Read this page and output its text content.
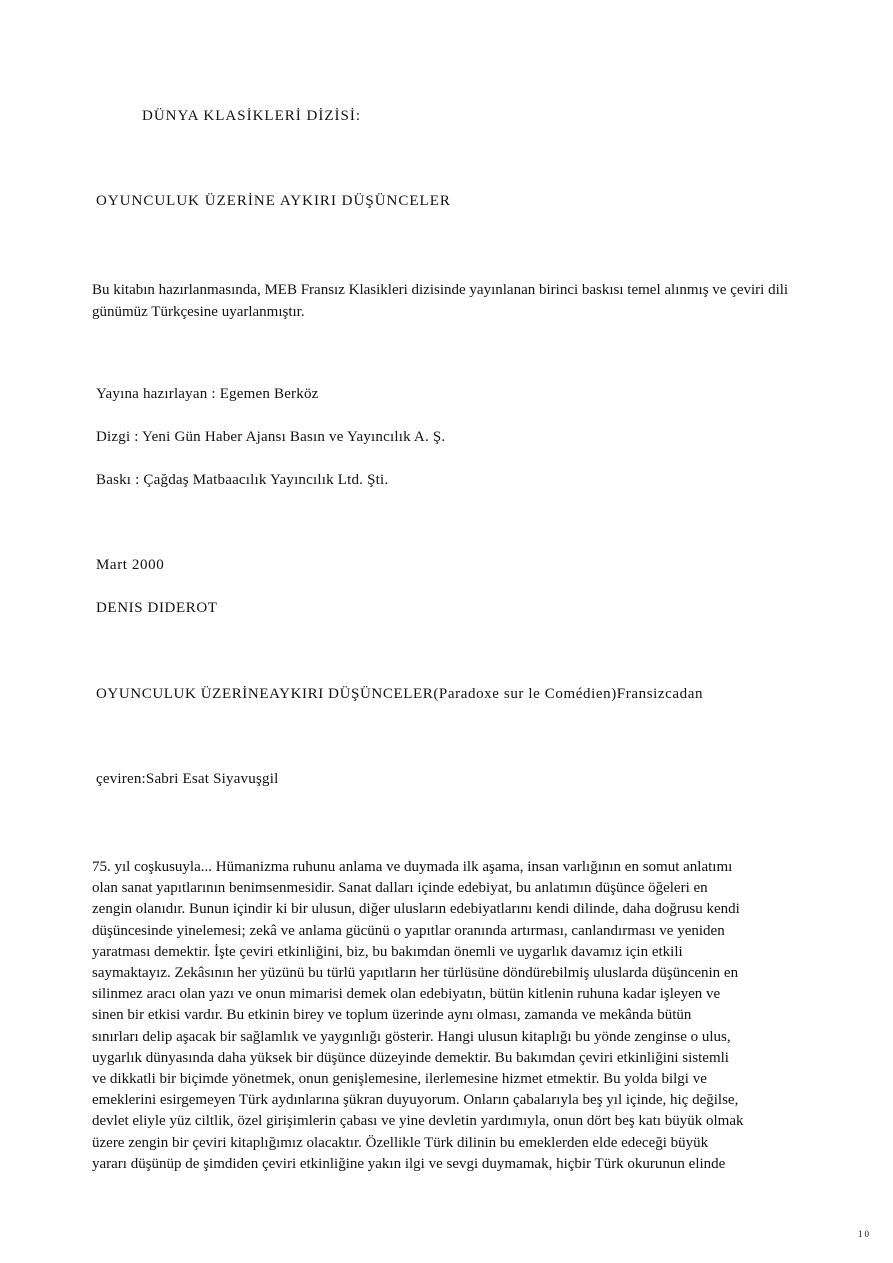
DÜNYA KLASİKLERİ DİZİSİ:
OYUNCULUK ÜZERİNE AYKIRI DÜŞÜNCELER
Bu kitabın hazırlanmasında, MEB Fransız Klasikleri dizisinde yayınlanan birinci baskısı temel alınmış ve çeviri dili günümüz Türkçesine uyarlanmıştır.
Yayına hazırlayan : Egemen Berköz
Dizgi : Yeni Gün Haber Ajansı Basın ve Yayıncılık A. Ş.
Baskı : Çağdaş Matbaacılık Yayıncılık Ltd. Şti.
Mart 2000
DENIS DIDEROT
OYUNCULUK ÜZERİNEAYKIRI DÜŞÜNCELER(Paradoxe sur le Comédien)Fransizcadan
çeviren:Sabri Esat Siyavuşgil
75. yıl coşkusuyla... Hümanizma ruhunu anlama ve duymada ilk aşama, insan varlığının en somut anlatımı
olan sanat yapıtlarının benimsenmesidir. Sanat dalları içinde edebiyat, bu anlatımın düşünce öğeleri en
zengin olanıdır. Bunun içindir ki bir ulusun, diğer ulusların edebiyatlarını kendi dilinde, daha doğrusu kendi
düşüncesinde yinelemesi; zekâ ve anlama gücünü o yapıtlar oranında artırması, canlandırması ve yeniden
yaratması demektir. İşte çeviri etkinliğini, biz, bu bakımdan önemli ve uygarlık davamız için etkili
saymaktayız. Zekâsının her yüzünü bu türlü yapıtların her türlüsüne döndürebilmiş uluslarda düşüncenin en
silinmez aracı olan yazı ve onun mimarisi demek olan edebiyatın, bütün kitlenin ruhuna kadar işleyen ve
sinen bir etkisi vardır. Bu etkinin birey ve toplum üzerinde aynı olması, zamanda ve mekânda bütün
sınırları delip aşacak bir sağlamlık ve yaygınlığı gösterir. Hangi ulusun kitaplığı bu yönde zenginse o ulus,
uygarlık dünyasında daha yüksek bir düşünce düzeyinde demektir. Bu bakımdan çeviri etkinliğini sistemli
ve dikkatli bir biçimde yönetmek, onun genişlemesine, ilerlemesine hizmet etmektir. Bu yolda bilgi ve
emeklerini esirgemeyen Türk aydınlarına şükran duyuyorum. Onların çabalarıyla beş yıl içinde, hiç değilse,
devlet eliyle yüz ciltlik, özel girişimlerin çabası ve yine devletin yardımıyla, onun dört beş katı büyük olmak
üzere zengin bir çeviri kitaplığımız olacaktır. Özellikle Türk dilinin bu emeklerden elde edeceği büyük
yararı düşünüp de şimdiden çeviri etkinliğine yakın ilgi ve sevgi duymamak, hiçbir Türk okurunun elinde
10
